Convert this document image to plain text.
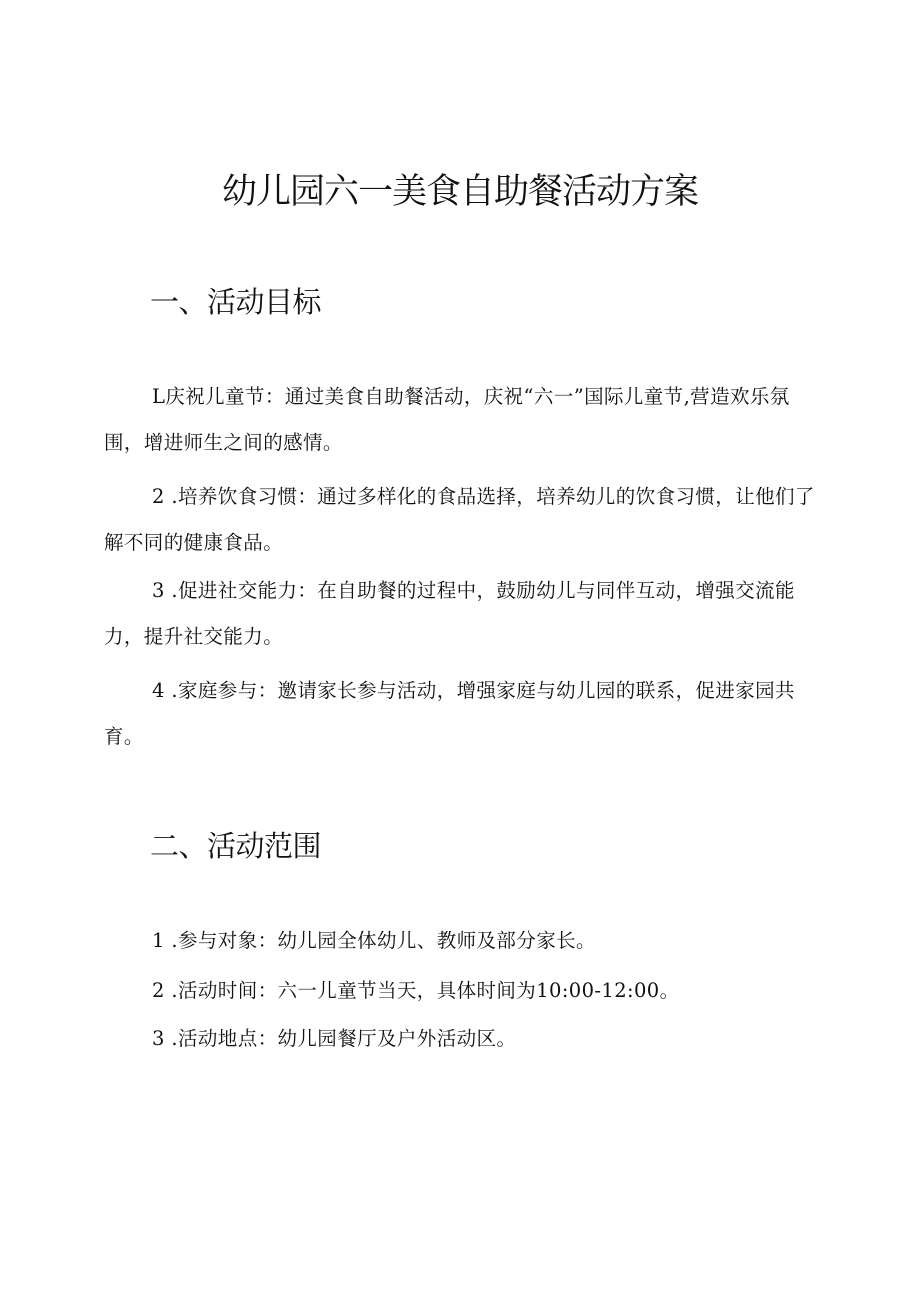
幼儿园六一美食自助餐活动方案
一、活动目标

L庆祝儿童节：通过美食自助餐活动，庆祝“六一”国际儿童节,营造欢乐氛围，增进师生之间的感情。

2 .培养饮食习惯：通过多样化的食品选择，培养幼儿的饮食习惯，让他们了解不同的健康食品。

3 .促进社交能力：在自助餐的过程中，鼓励幼儿与同伴互动，增强交流能力，提升社交能力。

4 .家庭参与：邀请家长参与活动，增强家庭与幼儿园的联系，促进家园共育。

二、活动范围

1 .参与对象：幼儿园全体幼儿、教师及部分家长。

2 .活动时间：六一儿童节当天，具体时间为10:00-12:00。

3 .活动地点：幼儿园餐厅及户外活动区。
